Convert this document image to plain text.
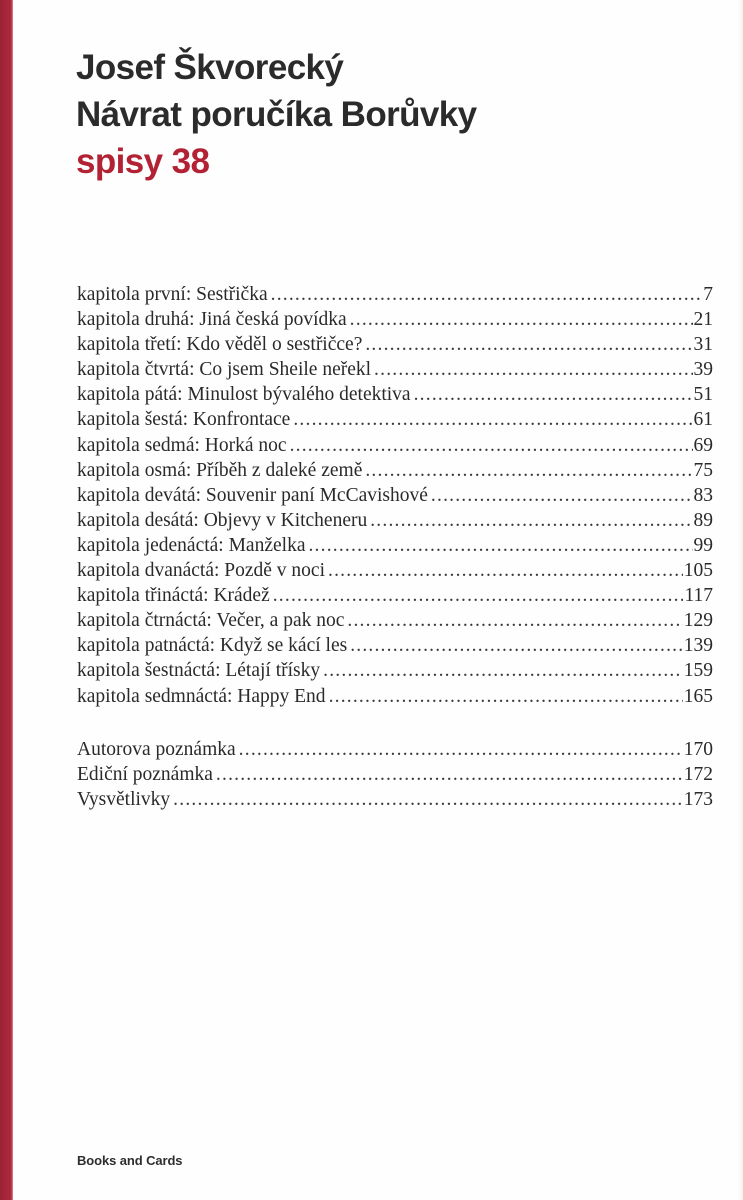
Josef Škvorecký
Návrat poručíka Borůvky
spisy 38
kapitola první: Sestřička .....	7
kapitola druhá: Jiná česká povídka .....	21
kapitola třetí: Kdo věděl o sestřičce? .....	31
kapitola čtvrtá: Co jsem Sheile neřekl .....	39
kapitola pátá: Minulost bývalého detektiva .....	51
kapitola šestá: Konfrontace .....	61
kapitola sedmá: Horká noc .....	69
kapitola osmá: Příběh z daleké země .....	75
kapitola devátá: Souvenir paní McCavishové .....	83
kapitola desátá: Objevy v Kitcheneru .....	89
kapitola jedenáctá: Manželka .....	99
kapitola dvanáctá: Pozdě v noci .....	105
kapitola třináctá: Krádež .....	117
kapitola čtrnáctá: Večer, a pak noc .....	129
kapitola patnáctá: Když se kácí les .....	139
kapitola šestnáctá: Létají třísky .....	159
kapitola sedmnáctá: Happy End .....	165
Autorova poznámka .....	170
Ediční poznámka .....	172
Vysvětlivky .....	173
Books and Cards
